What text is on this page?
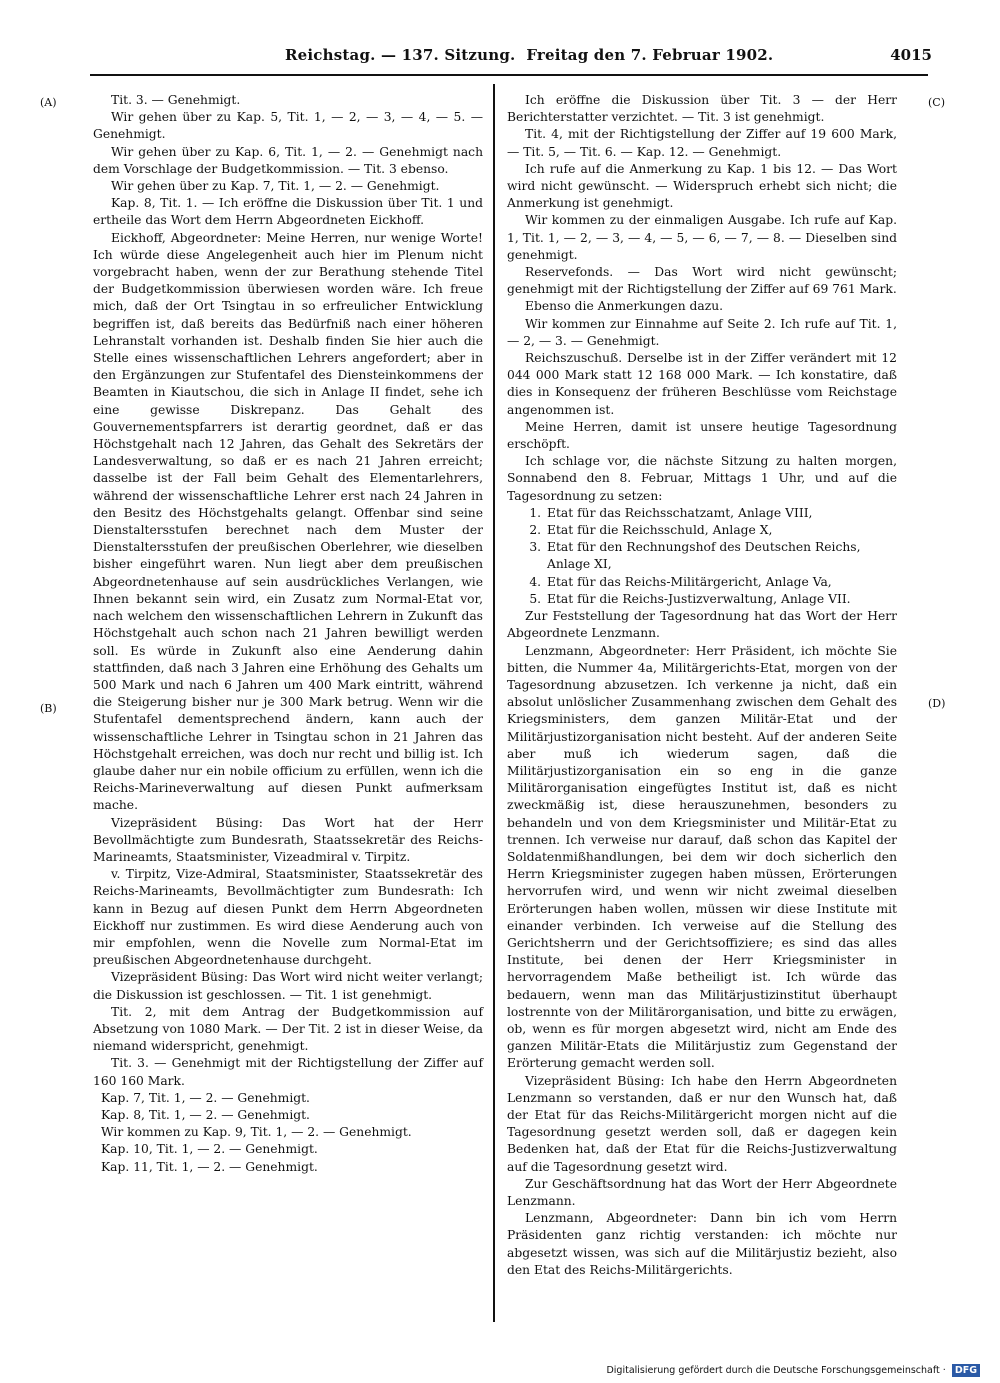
Reichstag. — 137. Sitzung. Freitag den 7. Februar 1902.	4015
(A)
(B)
(C)
(D)

Tit. 3. — Genehmigt.

Wir gehen über zu Kap. 5, Tit. 1, — 2, — 3, — 4, — 5. — Genehmigt.

Wir gehen über zu Kap. 6, Tit. 1, — 2. — Genehmigt nach dem Vorschlage der Budgetkommission. — Tit. 3 ebenso.

Wir gehen über zu Kap. 7, Tit. 1, — 2. — Genehmigt.

Kap. 8, Tit. 1. — Ich eröffne die Diskussion über Tit. 1 und ertheile das Wort dem Herrn Abgeordneten Eickhoff.

Eickhoff, Abgeordneter: Meine Herren, nur wenige Worte! Ich würde diese Angelegenheit auch hier im Plenum nicht vorgebracht haben, wenn der zur Berathung stehende Titel der Budgetkommission überwiesen worden wäre. Ich freue mich, daß der Ort Tsingtau in so erfreulicher Entwicklung begriffen ist, daß bereits das Bedürfniß nach einer höheren Lehranstalt vorhanden ist. Deshalb finden Sie hier auch die Stelle eines wissenschaftlichen Lehrers angefordert; aber in den Ergänzungen zur Stufentafel des Diensteinkommens der Beamten in Kiautschou, die sich in Anlage II findet, sehe ich eine gewisse Diskrepanz. Das Gehalt des Gouvernementspfarrers ist derartig geordnet, daß er das Höchstgehalt nach 12 Jahren, das Gehalt des Sekretärs der Landesverwaltung, so daß er es nach 21 Jahren erreicht; dasselbe ist der Fall beim Gehalt des Elementarlehrers, während der wissenschaftliche Lehrer erst nach 24 Jahren in den Besitz des Höchstgehalts gelangt. Offenbar sind seine Dienstaltersstufen berechnet nach dem Muster der Dienstaltersstufen der preußischen Oberlehrer, wie dieselben bisher eingeführt waren. Nun liegt aber dem preußischen Abgeordnetenhause auf sein ausdrückliches Verlangen, wie Ihnen bekannt sein wird, ein Zusatz zum Normal-Etat vor, nach welchem den wissenschaftlichen Lehrern in Zukunft das Höchstgehalt auch schon nach 21 Jahren bewilligt werden soll. Es würde in Zukunft also eine Aenderung dahin stattfinden, daß nach 3 Jahren eine Erhöhung des Gehalts um 500 Mark und nach 6 Jahren um 400 Mark eintritt, während die Steigerung bisher nur je 300 Mark betrug. Wenn wir die Stufentafel dementsprechend ändern, kann auch der wissenschaftliche Lehrer in Tsingtau schon in 21 Jahren das Höchstgehalt erreichen, was doch nur recht und billig ist. Ich glaube daher nur ein nobile officium zu erfüllen, wenn ich die Reichs-Marineverwaltung auf diesen Punkt aufmerksam mache.

Vizepräsident Büsing: Das Wort hat der Herr Bevollmächtigte zum Bundesrath, Staatssekretär des Reichs-Marineamts, Staatsminister, Vizeadmiral v. Tirpitz.

v. Tirpitz, Vize-Admiral, Staatsminister, Staatssekretär des Reichs-Marineamts, Bevollmächtigter zum Bundesrath: Ich kann in Bezug auf diesen Punkt dem Herrn Abgeordneten Eickhoff nur zustimmen. Es wird diese Aenderung auch von mir empfohlen, wenn die Novelle zum Normal-Etat im preußischen Abgeordnetenhause durchgeht.

Vizepräsident Büsing: Das Wort wird nicht weiter verlangt; die Diskussion ist geschlossen. — Tit. 1 ist genehmigt.

Tit. 2, mit dem Antrag der Budgetkommission auf Absetzung von 1080 Mark. — Der Tit. 2 ist in dieser Weise, da niemand widerspricht, genehmigt.

Tit. 3. — Genehmigt mit der Richtigstellung der Ziffer auf 160 160 Mark.

Kap. 7, Tit. 1, — 2. — Genehmigt.

Kap. 8, Tit. 1, — 2. — Genehmigt.

Wir kommen zu Kap. 9, Tit. 1, — 2. — Genehmigt.

Kap. 10, Tit. 1, — 2. — Genehmigt.

Kap. 11, Tit. 1, — 2. — Genehmigt.

Ich eröffne die Diskussion über Tit. 3 — der Herr Berichterstatter verzichtet. — Tit. 3 ist genehmigt.

Tit. 4, mit der Richtigstellung der Ziffer auf 19 600 Mark, — Tit. 5, — Tit. 6. — Kap. 12. — Genehmigt.

Ich rufe auf die Anmerkung zu Kap. 1 bis 12. — Das Wort wird nicht gewünscht. — Widerspruch erhebt sich nicht; die Anmerkung ist genehmigt.

Wir kommen zu der einmaligen Ausgabe. Ich rufe auf Kap. 1, Tit. 1, — 2, — 3, — 4, — 5, — 6, — 7, — 8. — Dieselben sind genehmigt.

Reservefonds. — Das Wort wird nicht gewünscht; genehmigt mit der Richtigstellung der Ziffer auf 69 761 Mark.

Ebenso die Anmerkungen dazu.

Wir kommen zur Einnahme auf Seite 2. Ich rufe auf Tit. 1, — 2, — 3. — Genehmigt.

Reichszuschuß. Derselbe ist in der Ziffer verändert mit 12 044 000 Mark statt 12 168 000 Mark. — Ich konstatire, daß dies in Konsequenz der früheren Beschlüsse vom Reichstage angenommen ist.

Meine Herren, damit ist unsere heutige Tagesordnung erschöpft.

Ich schlage vor, die nächste Sitzung zu halten morgen, Sonnabend den 8. Februar, Mittags 1 Uhr, und auf die Tagesordnung zu setzen:

1. Etat für das Reichsschatzamt, Anlage VIII,
2. Etat für die Reichsschuld, Anlage X,
3. Etat für den Rechnungshof des Deutschen Reichs, Anlage XI,
4. Etat für das Reichs-Militärgericht, Anlage Va,
5. Etat für die Reichs-Justizverwaltung, Anlage VII.

Zur Feststellung der Tagesordnung hat das Wort der Herr Abgeordnete Lenzmann.

Lenzmann, Abgeordneter: Herr Präsident, ich möchte Sie bitten, die Nummer 4a, Militärgerichts-Etat, morgen von der Tagesordnung abzusetzen. Ich verkenne ja nicht, daß ein absolut unlöslicher Zusammenhang zwischen dem Gehalt des Kriegsministers, dem ganzen Militär-Etat und der Militärjustizorganisation nicht besteht. Auf der anderen Seite aber muß ich wiederum sagen, daß die Militärjustizorganisation ein so eng in die ganze Militärorganisation eingefügtes Institut ist, daß es nicht zweckmäßig ist, diese herauszunehmen, besonders zu behandeln und von dem Kriegsminister und Militär-Etat zu trennen. Ich verweise nur darauf, daß schon das Kapitel der Soldatenmißhandlungen, bei dem wir doch sicherlich den Herrn Kriegsminister zugegen haben müssen, Erörterungen hervorrufen wird, und wenn wir nicht zweimal dieselben Erörterungen haben wollen, müssen wir diese Institute mit einander verbinden. Ich verweise auf die Stellung des Gerichtsherrn und der Gerichtsoffiziere; es sind das alles Institute, bei denen der Herr Kriegsminister in hervorragendem Maße betheiligt ist. Ich würde das bedauern, wenn man das Militärjustizinstitut überhaupt lostrennte von der Militärorganisation, und bitte zu erwägen, ob, wenn es für morgen abgesetzt wird, nicht am Ende des ganzen Militär-Etats die Militärjustiz zum Gegenstand der Erörterung gemacht werden soll.

Vizepräsident Büsing: Ich habe den Herrn Abgeordneten Lenzmann so verstanden, daß er nur den Wunsch hat, daß der Etat für das Reichs-Militärgericht morgen nicht auf die Tagesordnung gesetzt werden soll, daß er dagegen kein Bedenken hat, daß der Etat für die Reichs-Justizverwaltung auf die Tagesordnung gesetzt wird.

Zur Geschäftsordnung hat das Wort der Herr Abgeordnete Lenzmann.

Lenzmann, Abgeordneter: Dann bin ich vom Herrn Präsidenten ganz richtig verstanden: ich möchte nur abgesetzt wissen, was sich auf die Militärjustiz bezieht, also den Etat des Reichs-Militärgerichts.

Digitalisierung gefördert durch die Deutsche Forschungsgemeinschaft · DFG
